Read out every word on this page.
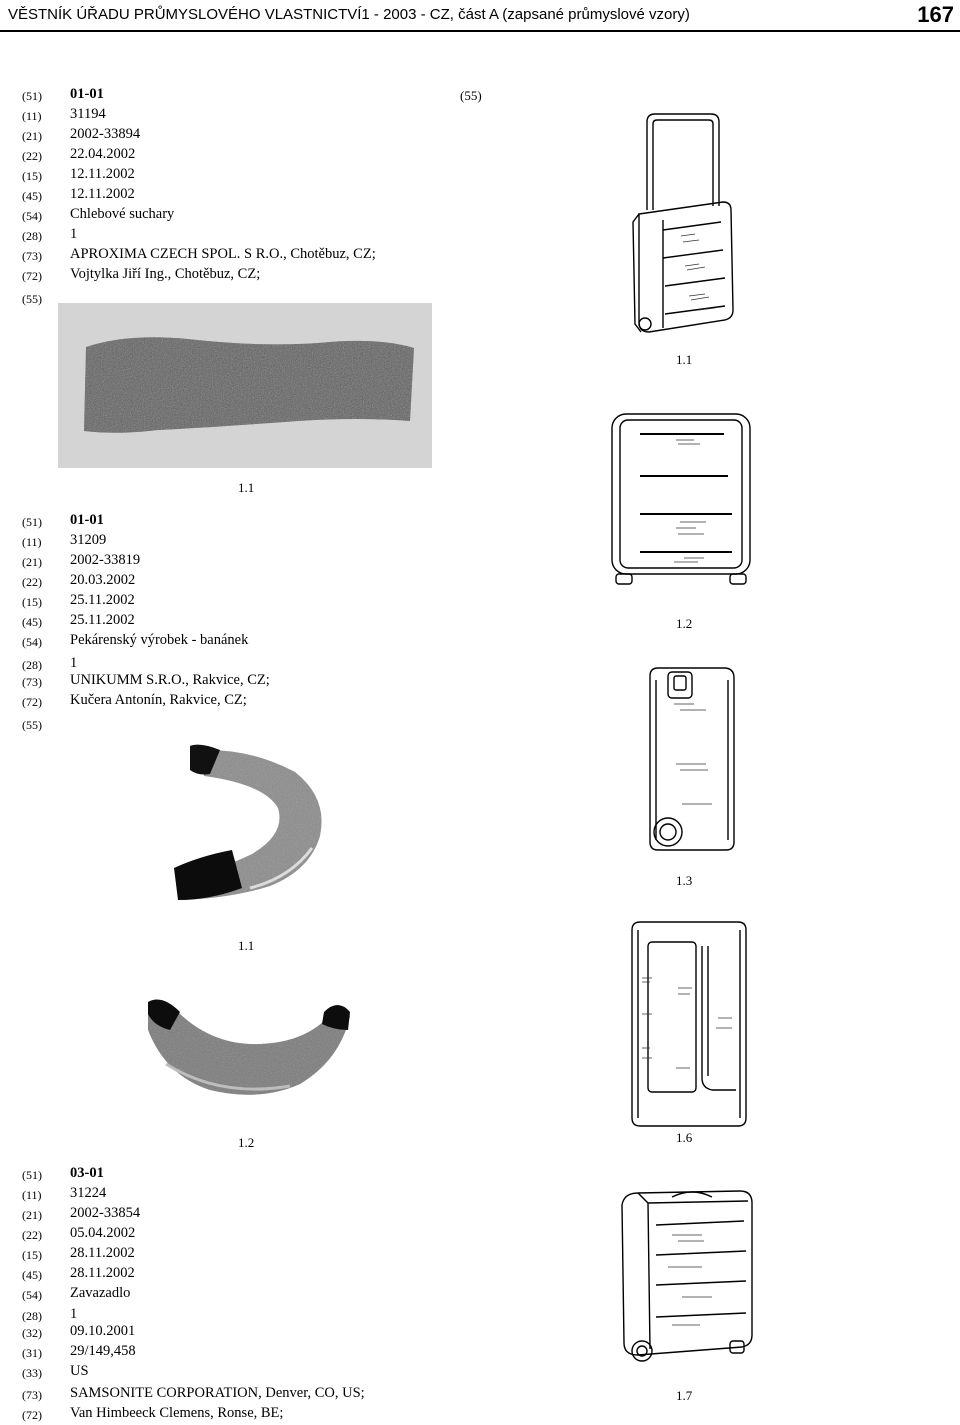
VĚSTNÍK ÚŘADU PRŮMYSLOVÉHO VLASTNICTVÍ1 - 2003 - CZ, část A (zapsané průmyslové vzory)	167
(51) 01-01
(11) 31194
(21) 2002-33894
(22) 22.04.2002
(15) 12.11.2002
(45) 12.11.2002
(54) Chlebové suchary
(28) 1
(73) APROXIMA CZECH SPOL. S R.O., Chotěbuz, CZ;
(72) Vojtylka Jiří Ing., Chotěbuz, CZ;
(55)
1.1
(51) 01-01
(11) 31209
(21) 2002-33819
(22) 20.03.2002
(15) 25.11.2002
(45) 25.11.2002
(54) Pekárenský výrobek - banánek
(28) 1
(73) UNIKUMM S.R.O., Rakvice, CZ;
(72) Kučera Antonín, Rakvice, CZ;
(55)
1.1
1.2
(51) 03-01
(11) 31224
(21) 2002-33854
(22) 05.04.2002
(15) 28.11.2002
(45) 28.11.2002
(54) Zavazadlo
(28) 1
(32) 09.10.2001
(31) 29/149,458
(33) US
(73) SAMSONITE CORPORATION, Denver, CO, US;
(72) Van Himbeeck Clemens, Ronse, BE;
(55)
1.1
1.2
1.3
1.6
1.7
